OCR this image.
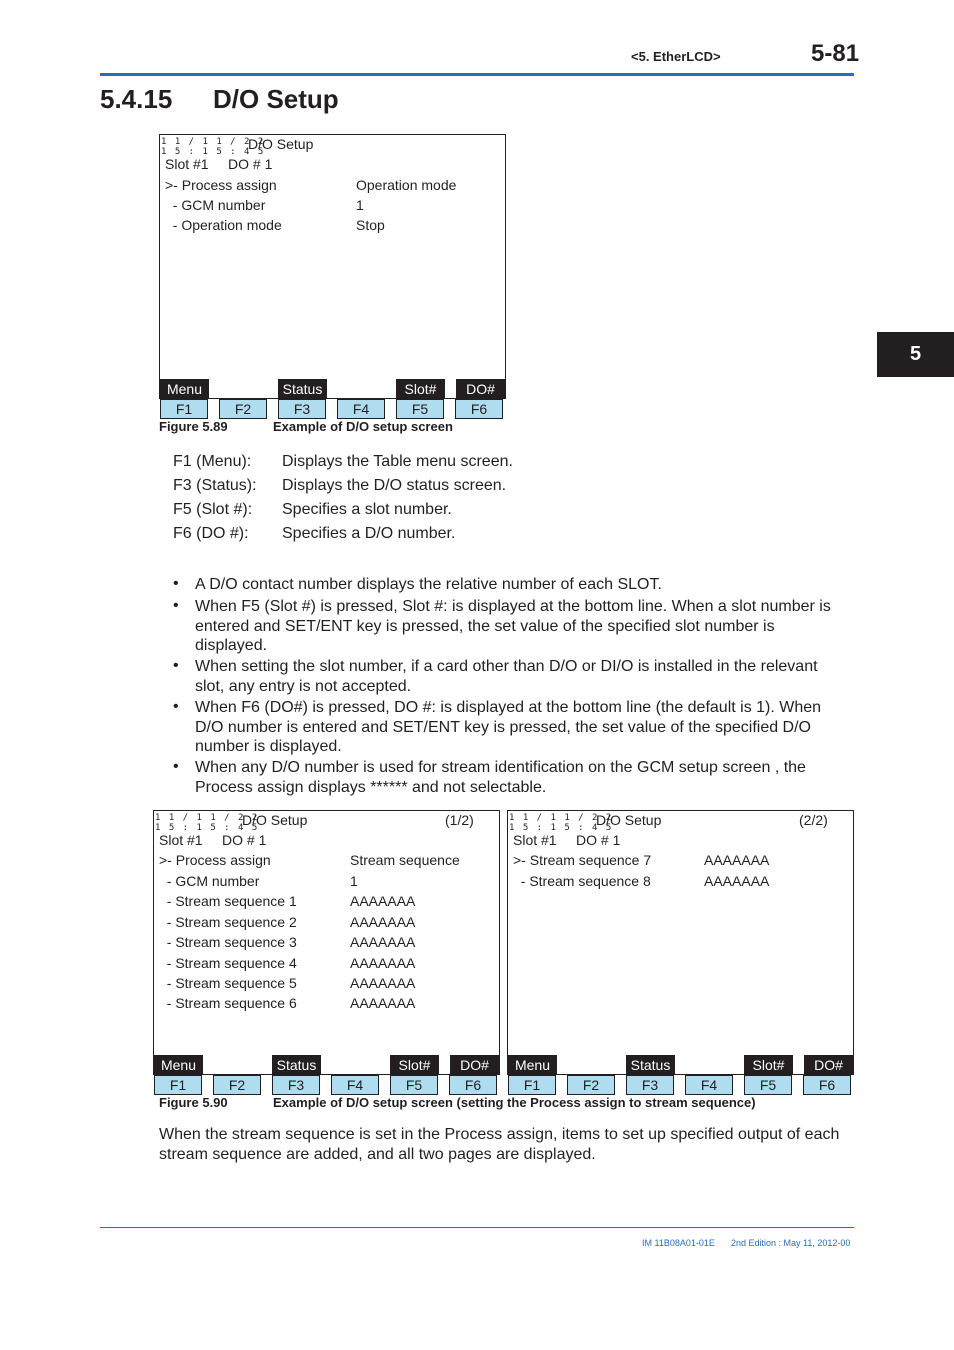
<5. EtherLCD>	5-81
5.4.15 D/O Setup
5
1 1 / 1 1 / 2 2
1 5 : 1 5 : 4 5
D/O Setup
Slot #1 DO # 1
>- Process assign	Operation mode
- GCM number	1
- Operation mode	Stop
Menu	Status	Slot#	DO#
F1	F2	F3	F4	F5	F6
Figure 5.89	Example of D/O setup screen
F1 (Menu): Displays the Table menu screen.
F3 (Status): Displays the D/O status screen.
F5 (Slot #): Specifies a slot number.
F6 (DO #): Specifies a D/O number.
• A D/O contact number displays the relative number of each SLOT.
• When F5 (Slot #) is pressed, Slot #: is displayed at the bottom line. When a slot number is entered and SET/ENT key is pressed, the set value of the specified slot number is displayed.
• When setting the slot number, if a card other than D/O or DI/O is installed in the relevant slot, any entry is not accepted.
• When F6 (DO#) is pressed, DO #: is displayed at the bottom line (the default is 1). When D/O number is entered and SET/ENT key is pressed, the set value of the specified D/O number is displayed.
• When any D/O number is used for stream identification on the GCM setup screen , the Process assign displays ****** and not selectable.
1 1 / 1 1 / 2 2
1 5 : 1 5 : 4 5
D/O Setup	(1/2)
Slot #1 DO # 1
>- Process assign	Stream sequence
- GCM number	1
- Stream sequence 1	AAAAAAA
- Stream sequence 2	AAAAAAA
- Stream sequence 3	AAAAAAA
- Stream sequence 4	AAAAAAA
- Stream sequence 5	AAAAAAA
- Stream sequence 6	AAAAAAA
Menu	Status	Slot#	DO#
F1	F2	F3	F4	F5	F6
1 1 / 1 1 / 2 2
1 5 : 1 5 : 4 5
D/O Setup	(2/2)
Slot #1 DO # 1
>- Stream sequence 7	AAAAAAA
- Stream sequence 8	AAAAAAA
Menu	Status	Slot#	DO#
F1	F2	F3	F4	F5	F6
Figure 5.90	Example of D/O setup screen (setting the Process assign to stream sequence)
When the stream sequence is set in the Process assign, items to set up specified output of each stream sequence are added, and all two pages are displayed.
IM 11B08A01-01E 2nd Edition : May 11, 2012-00
